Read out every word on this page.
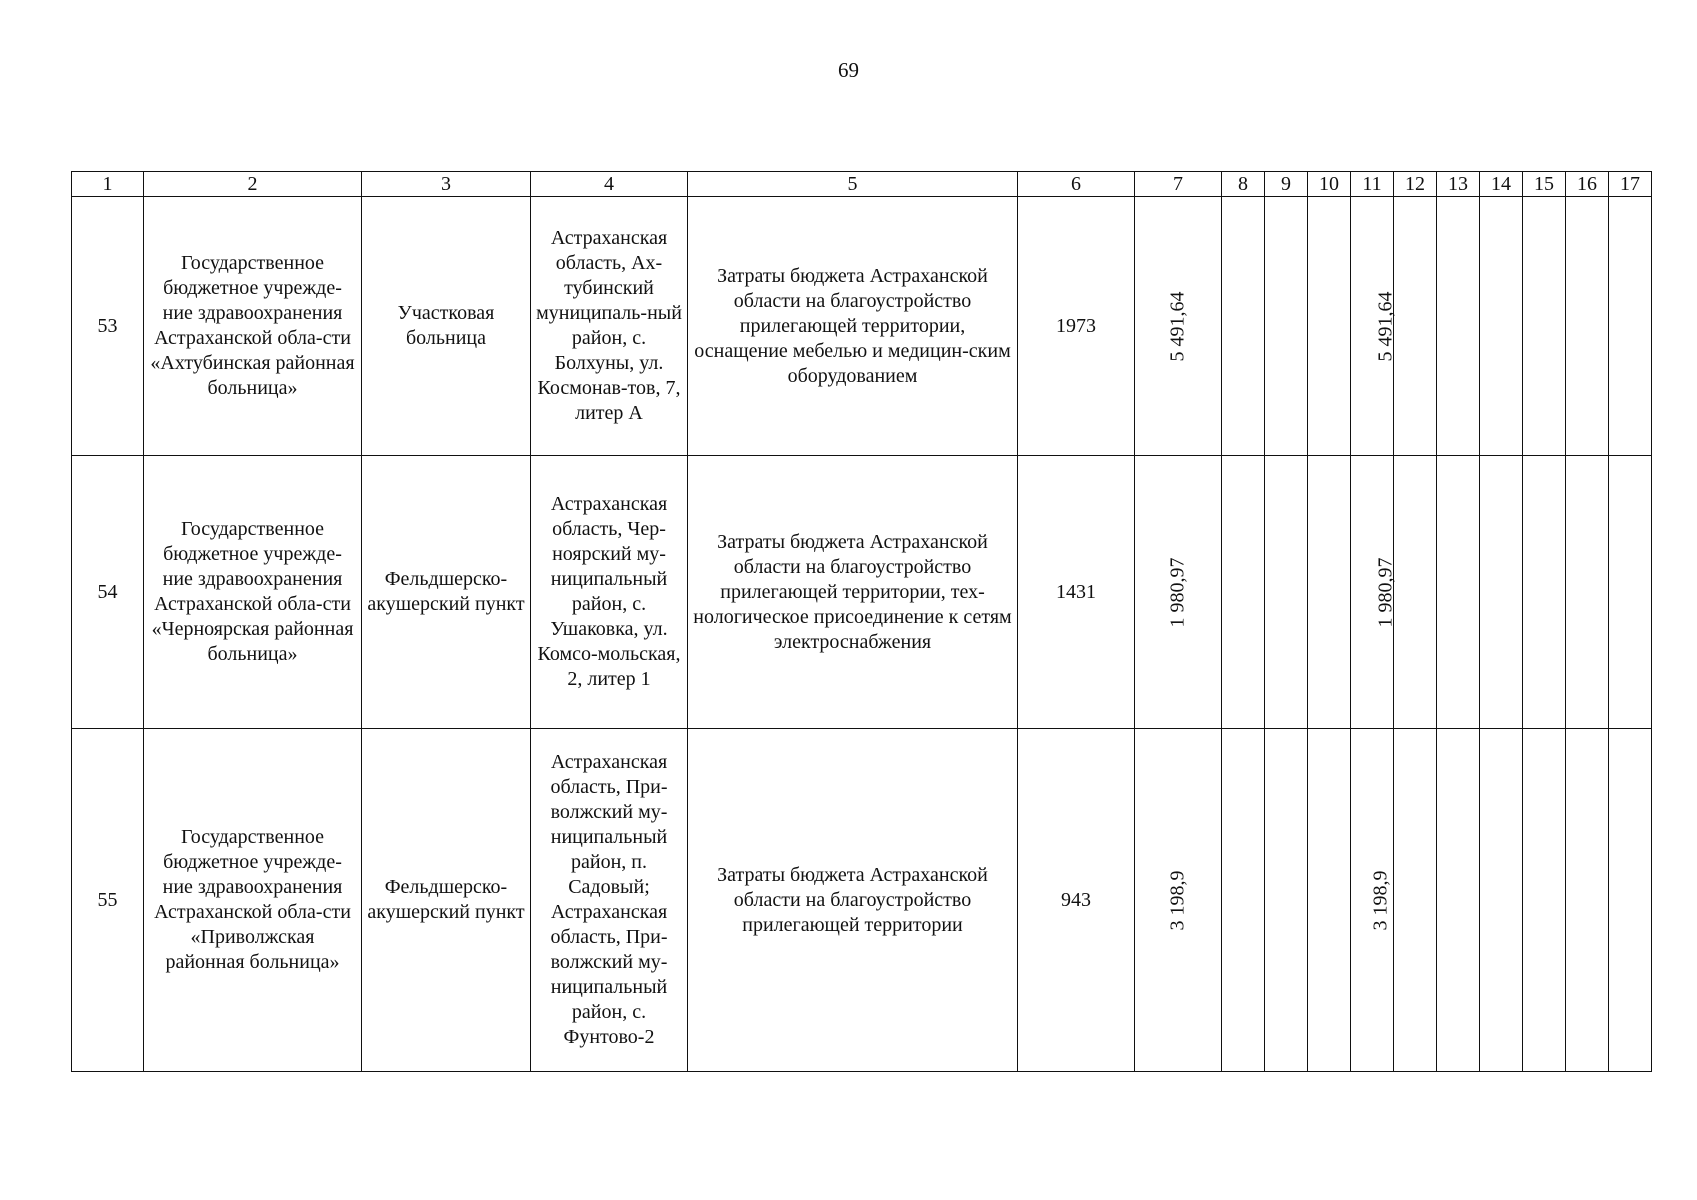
69
1	2	3	4	5	6	7	8	9	10	11	12	13	14	15	16	17
53	Государственное бюджетное учрежде-ние здравоохранения Астраханской обла-сти «Ахтубинская районная больница»	Участковая больница	Астраханская область, Ах-тубинский муниципаль-ный район, с. Болхуны, ул. Космонав-тов, 7, литер А	Затраты бюджета Астраханской области на благоустройство прилегающей территории, оснащение мебелью и медицин-ским оборудованием	1973	5 491,64				5 491,64						
54	Государственное бюджетное учрежде-ние здравоохранения Астраханской обла-сти «Черноярская районная больница»	Фельдшерско-акушерский пункт	Астраханская область, Чер-ноярский му-ниципальный район, с. Ушаковка, ул. Комсо-мольская, 2, литер 1	Затраты бюджета Астраханской области на благоустройство прилегающей территории, тех-нологическое присоединение к сетям электроснабжения	1431	1 980,97				1 980,97						
55	Государственное бюджетное учрежде-ние здравоохранения Астраханской обла-сти «Приволжская районная больница»	Фельдшерско-акушерский пункт	Астраханская область, При-волжский му-ниципальный район, п. Садовый; Астраханская область, При-волжский му-ниципальный район, с. Фунтово-2	Затраты бюджета Астраханской области на благоустройство прилегающей территории	943	3 198,9				3 198,9						
